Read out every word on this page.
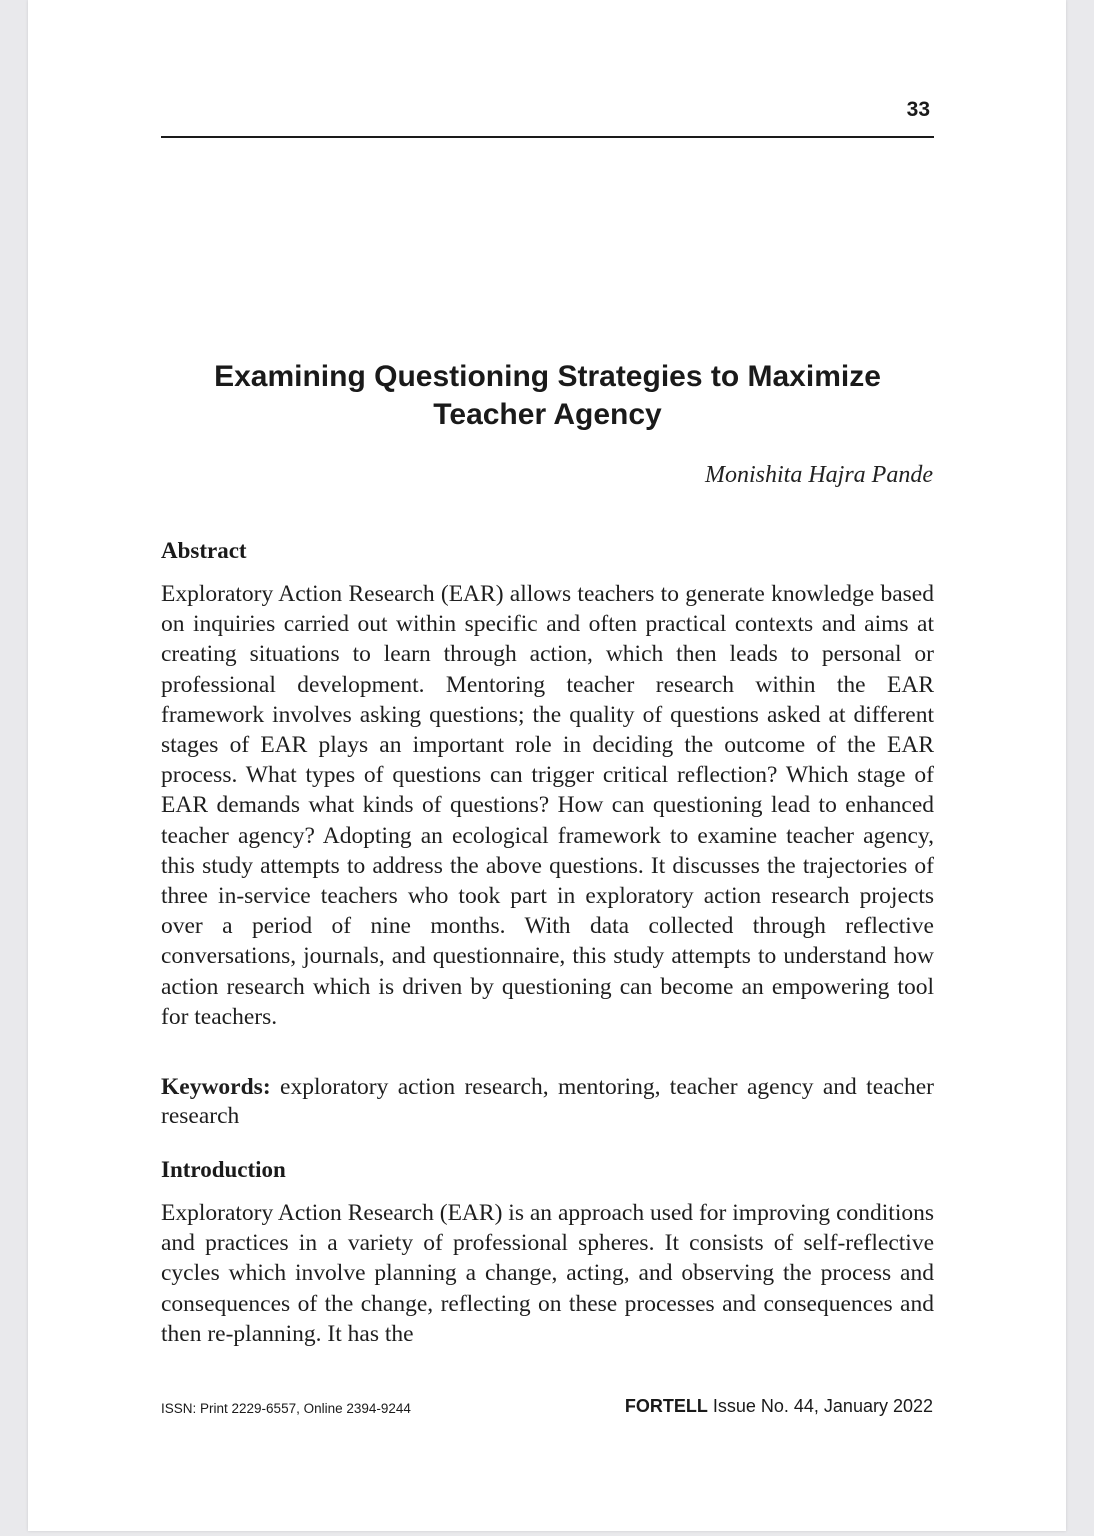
33
Examining Questioning Strategies to Maximize Teacher Agency
Monishita Hajra Pande
Abstract

Exploratory Action Research (EAR) allows teachers to generate knowledge based on inquiries carried out within specific and often practical contexts and aims at creating situations to learn through action, which then leads to personal or professional development. Mentoring teacher research within the EAR framework involves asking questions; the quality of questions asked at different stages of EAR plays an important role in deciding the outcome of the EAR process. What types of questions can trigger critical reflection? Which stage of EAR demands what kinds of questions? How can questioning lead to enhanced teacher agency? Adopting an ecological framework to examine teacher agency, this study attempts to address the above questions. It discusses the trajectories of three in-service teachers who took part in exploratory action research projects over a period of nine months. With data collected through reflective conversations, journals, and questionnaire, this study attempts to understand how action research which is driven by questioning can become an empowering tool for teachers.

Keywords: exploratory action research, mentoring, teacher agency and teacher research

Introduction

Exploratory Action Research (EAR) is an approach used for improving conditions and practices in a variety of professional spheres. It consists of self-reflective cycles which involve planning a change, acting, and observing the process and consequences of the change, reflecting on these processes and consequences and then re-planning. It has the

ISSN: Print 2229-6557, Online 2394-9244	FORTELL Issue No. 44, January 2022
